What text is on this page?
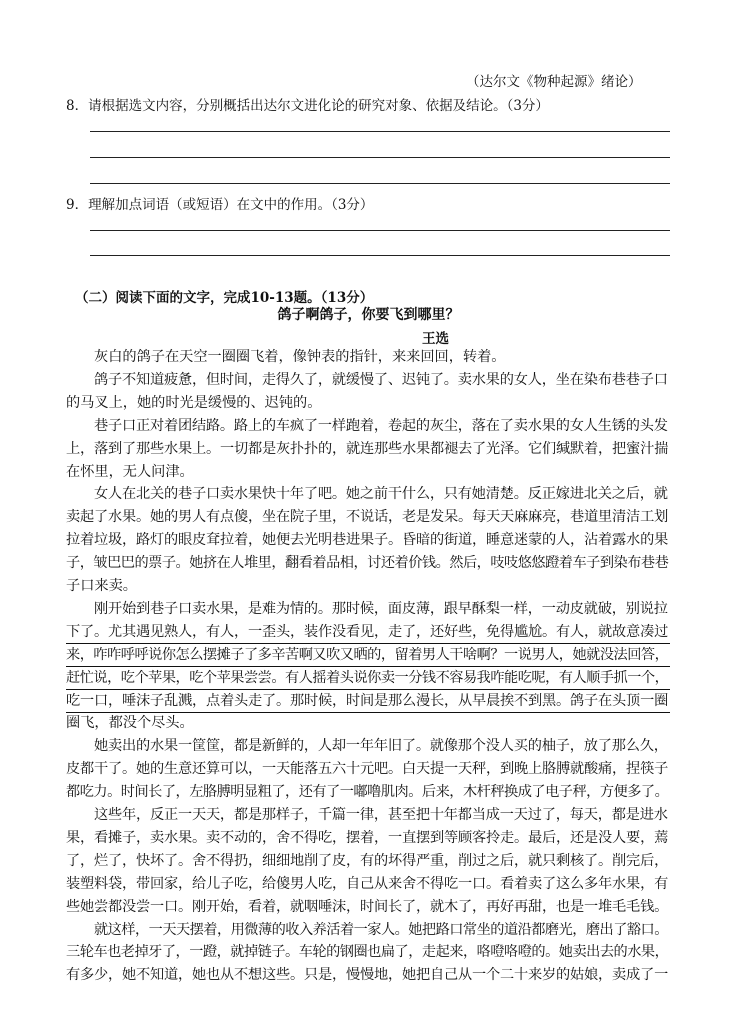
（达尔文《物种起源》绪论）
8．请根据选文内容，分别概括出达尔文进化论的研究对象、依据及结论。（3分）
9．理解加点词语（或短语）在文中的作用。（3分）
（二）阅读下面的文字，完成10-13题。（13分）
鸽子啊鸽子，你要飞到哪里？
王选
灰白的鸽子在天空一圈圈飞着，像钟表的指针，来来回回，转着。
鸽子不知道疲惫，但时间，走得久了，就缓慢了、迟钝了。卖水果的女人，坐在染布巷巷子口
的马叉上，她的时光是缓慢的、迟钝的。
巷子口正对着团结路。路上的车疯了一样跑着，卷起的灰尘，落在了卖水果的女人生锈的头发
上，落到了那些水果上。一切都是灰扑扑的，就连那些水果都褪去了光泽。它们缄默着，把蜜汁揣
在怀里，无人问津。
女人在北关的巷子口卖水果快十年了吧。她之前干什么，只有她清楚。反正嫁进北关之后，就
卖起了水果。她的男人有点傻，坐在院子里，不说话，老是发呆。每天天麻麻亮，巷道里清洁工划
拉着垃圾，路灯的眼皮耷拉着，她便去光明巷进果子。昏暗的街道，睡意迷蒙的人，沾着露水的果
子，皱巴巴的票子。她挤在人堆里，翻看着品相，讨还着价钱。然后，吱吱悠悠蹬着车子到染布巷巷
子口来卖。
刚开始到巷子口卖水果，是难为情的。那时候，面皮薄，跟早酥梨一样，一动皮就破，别说拉
下了。尤其遇见熟人，有人，一歪头，装作没看见，走了，还好些，免得尴尬。有人，就故意凑过
来，咋咋呼呼说你怎么摆摊子了多辛苦啊又吹又晒的，留着男人干啥啊？一说男人，她就没法回答，
赶忙说，吃个苹果，吃个苹果尝尝。有人摇着头说你卖一分钱不容易我咋能吃呢，有人顺手抓一个，
吃一口，唾沫子乱溅，点着头走了。那时候，时间是那么漫长，从早晨挨不到黑。鸽子在头顶一圈
圈飞，都没个尽头。
她卖出的水果一筐筐，都是新鲜的，人却一年年旧了。就像那个没人买的柚子，放了那么久，
皮都干了。她的生意还算可以，一天能落五六十元吧。白天提一天秤，到晚上胳膊就酸痛，捏筷子
都吃力。时间长了，左胳膊明显粗了，还有了一嘟噜肌肉。后来，木杆秤换成了电子秤，方便多了。
这些年，反正一天天，都是那样子，千篇一律，甚至把十年都当成一天过了，每天，都是进水
果，看摊子，卖水果。卖不动的，舍不得吃，摆着，一直摆到等顾客拎走。最后，还是没人要，蔫
了，烂了，快坏了。舍不得扔，细细地削了皮，有的坏得严重，削过之后，就只剩核了。削完后，
装塑料袋，带回家，给儿子吃，给傻男人吃，自己从来舍不得吃一口。看着卖了这么多年水果，有
些她尝都没尝一口。刚开始，看着，就咽唾沫，时间长了，就木了，再好再甜，也是一堆毛毛钱。
就这样，一天天摆着，用微薄的收入养活着一家人。她把路口常坐的道沿都磨光，磨出了豁口。
三轮车也老掉牙了，一蹬，就掉链子。车轮的钢圈也扁了，走起来，咯噔咯噔的。她卖出去的水果，
有多少，她不知道，她也从不想这些。只是，慢慢地，她把自己从一个二十来岁的姑娘，卖成了一
